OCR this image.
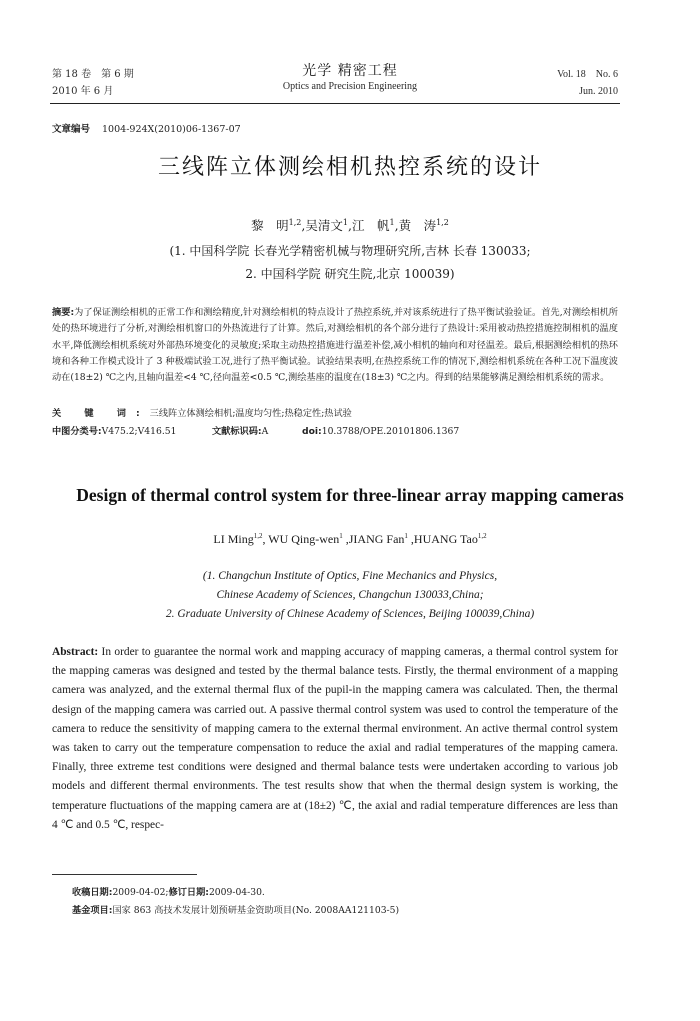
第 18 卷　第 6 期
2010 年 6 月
光学 精密工程
Optics and Precision Engineering
Vol. 18　No. 6
Jun. 2010
文章编号 1004-924X(2010)06-1367-07
三线阵立体测绘相机热控系统的设计
黎　明$^{1,2}$,吴清文$^1$,江　帆$^1$,黄　涛$^{1,2}$
(1. 中国科学院 长春光学精密机械与物理研究所,吉林 长春 130033;
2. 中国科学院 研究生院,北京 100039)
摘要:为了保证测绘相机的正常工作和测绘精度,针对测绘相机的特点设计了热控系统,并对该系统进行了热平衡试验验证。首先,对测绘相机所处的热环境进行了分析,对测绘相机窗口的外热流进行了计算。然后,对测绘相机的各个部分进行了热设计:采用被动热控措施控制相机的温度水平,降低测绘相机系统对外部热环境变化的灵敏度;采取主动热控措施进行温差补偿,减小相机的轴向和对径温差。最后,根据测绘相机的热环境和各种工作模式设计了 3 种极端试验工况,进行了热平衡试验。试验结果表明,在热控系统工作的情况下,测绘相机系统在各种工况下温度波动在(18±2) ℃之内,且轴向温差<4 ℃,径向温差<0.5 ℃,测绘基座的温度在(18±3) ℃之内。得到的结果能够满足测绘相机系统的需求。
关 键 词:三线阵立体测绘相机;温度均匀性;热稳定性;热试验
中图分类号:V475.2;V416.51	文献标识码:A	doi:10.3788/OPE.20101806.1367
Design of thermal control system for three-linear array mapping cameras
LI Ming$^{1,2}$, WU Qing-wen$^1$ ,JIANG Fan$^1$ ,HUANG Tao$^{1,2}$
(1. Changchun Institute of Optics, Fine Mechanics and Physics,
Chinese Academy of Sciences, Changchun 130033,China;
2. Graduate University of Chinese Academy of Sciences, Beijing 100039,China)
Abstract: In order to guarantee the normal work and mapping accuracy of mapping cameras, a thermal control system for the mapping cameras was designed and tested by the thermal balance tests. Firstly, the thermal environment of a mapping camera was analyzed, and the external thermal flux of the pupil-in the mapping camera was calculated. Then, the thermal design of the mapping camera was carried out. A passive thermal control system was used to control the temperature of the camera to reduce the sensitivity of mapping camera to the external thermal environment. An active thermal control system was taken to carry out the temperature compensation to reduce the axial and radial temperatures of the mapping camera. Finally, three extreme test conditions were designed and thermal balance tests were undertaken according to various job models and different thermal environments. The test results show that when the thermal design system is working, the temperature fluctuations of the mapping camera are at (18±2) ℃, the axial and radial temperature differences are less than 4 ℃ and 0.5 ℃, respec-
收稿日期:2009-04-02;修订日期:2009-04-30.
基金项目:国家 863 高技术发展计划预研基金资助项目(No. 2008AA121103-5)
